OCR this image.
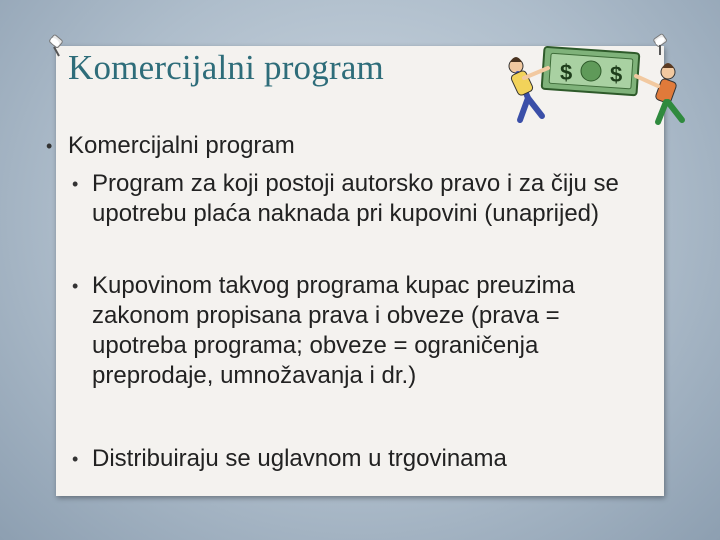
Komercijalni program	$ $
• Komercijalni program
• Program za koji postoji autorsko pravo i za čiju se upotrebu plaća naknada pri kupovini (unaprijed)
• Kupovinom takvog programa kupac preuzima zakonom propisana prava i obveze (prava = upotreba programa; obveze = ograničenja preprodaje, umnožavanja i dr.)
• Distribuiraju se uglavnom u trgovinama
